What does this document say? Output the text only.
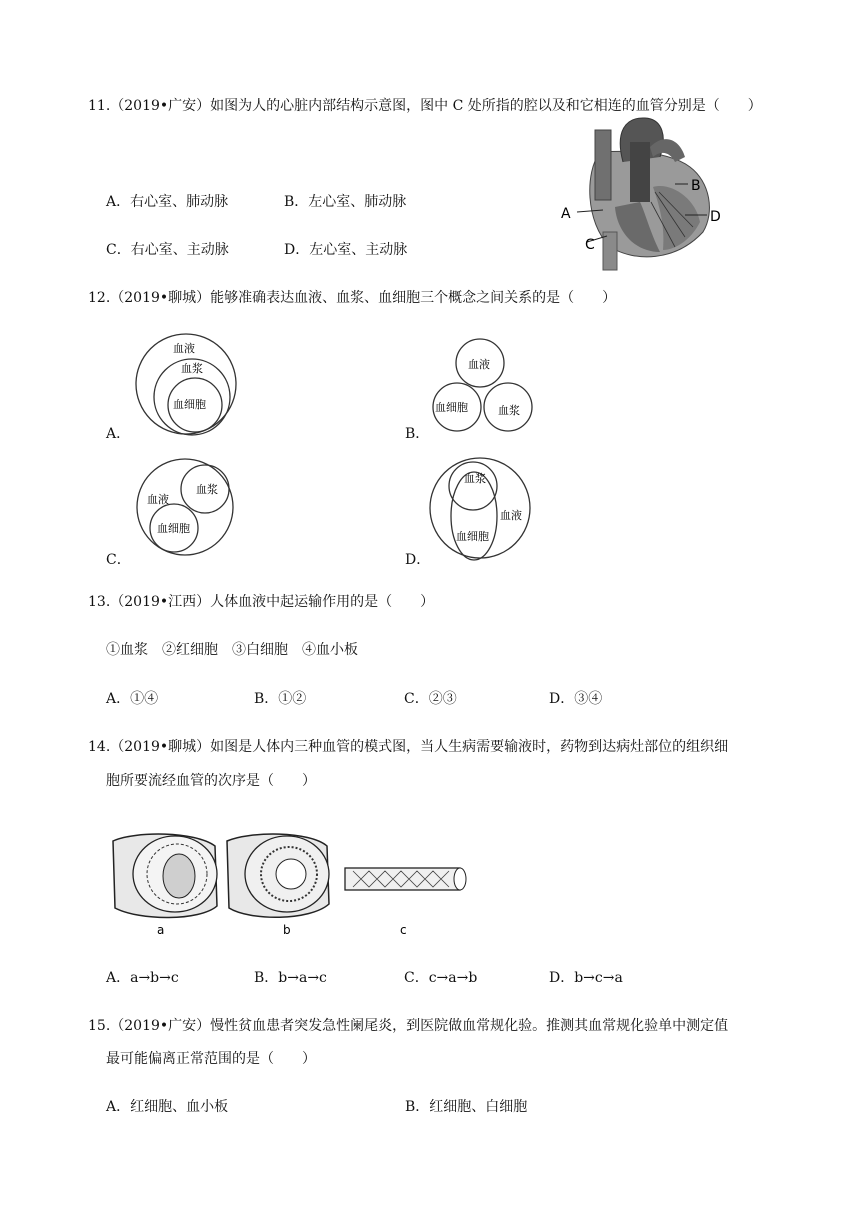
11.（2019•广安）如图为人的心脏内部结构示意图，图中 C 处所指的腔以及和它相连的血管分别是（　　）
A．右心室、肺动脉	B．左心室、肺动脉
C．右心室、主动脉	D．左心室、主动脉
A
B
D
C
12.（2019•聊城）能够准确表达血液、血浆、血细胞三个概念之间关系的是（　　）
A．	B．
C．	D．
血液
血浆
血细胞
血液
血细胞	血浆
血液
血浆
血细胞
血浆
血液
血细胞
13.（2019•江西）人体血液中起运输作用的是（　　）
①血浆　②红细胞　③白细胞　④血小板
A．①④	B．①②	C．②③	D．③④
14.（2019•聊城）如图是人体内三种血管的模式图，当人生病需要输液时，药物到达病灶部位的组织细
胞所要流经血管的次序是（　　）
a	b	c
A．a→b→c	B．b→a→c	C．c→a→b	D．b→c→a
15.（2019•广安）慢性贫血患者突发急性阑尾炎，到医院做血常规化验。推测其血常规化验单中测定值
最可能偏离正常范围的是（　　）
A．红细胞、血小板	B．红细胞、白细胞
